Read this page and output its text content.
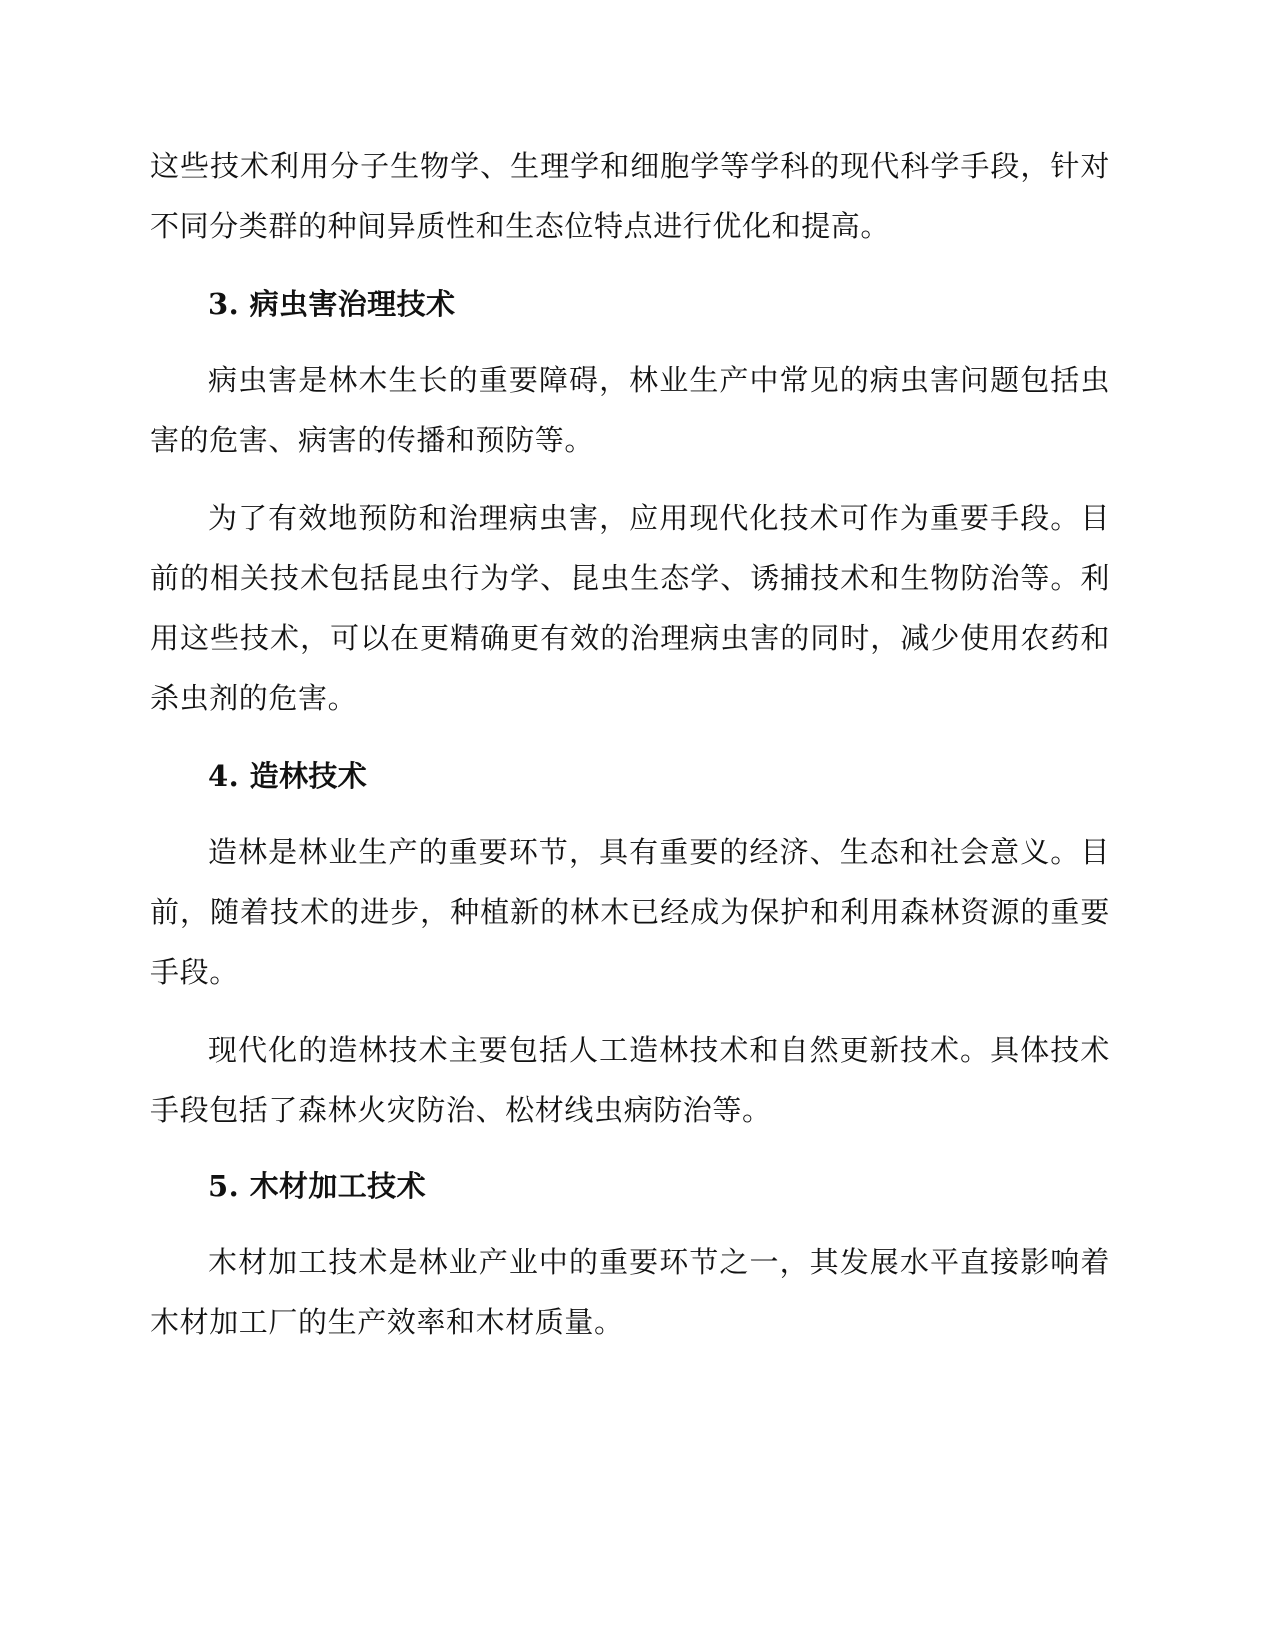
这些技术利用分子生物学、生理学和细胞学等学科的现代科学手段，针对不同分类群的种间异质性和生态位特点进行优化和提高。

3. 病虫害治理技术

病虫害是林木生长的重要障碍，林业生产中常见的病虫害问题包括虫害的危害、病害的传播和预防等。

为了有效地预防和治理病虫害，应用现代化技术可作为重要手段。目前的相关技术包括昆虫行为学、昆虫生态学、诱捕技术和生物防治等。利用这些技术，可以在更精确更有效的治理病虫害的同时，减少使用农药和杀虫剂的危害。

4. 造林技术

造林是林业生产的重要环节，具有重要的经济、生态和社会意义。目前，随着技术的进步，种植新的林木已经成为保护和利用森林资源的重要手段。

现代化的造林技术主要包括人工造林技术和自然更新技术。具体技术手段包括了森林火灾防治、松材线虫病防治等。

5. 木材加工技术

木材加工技术是林业产业中的重要环节之一，其发展水平直接影响着木材加工厂的生产效率和木材质量。
